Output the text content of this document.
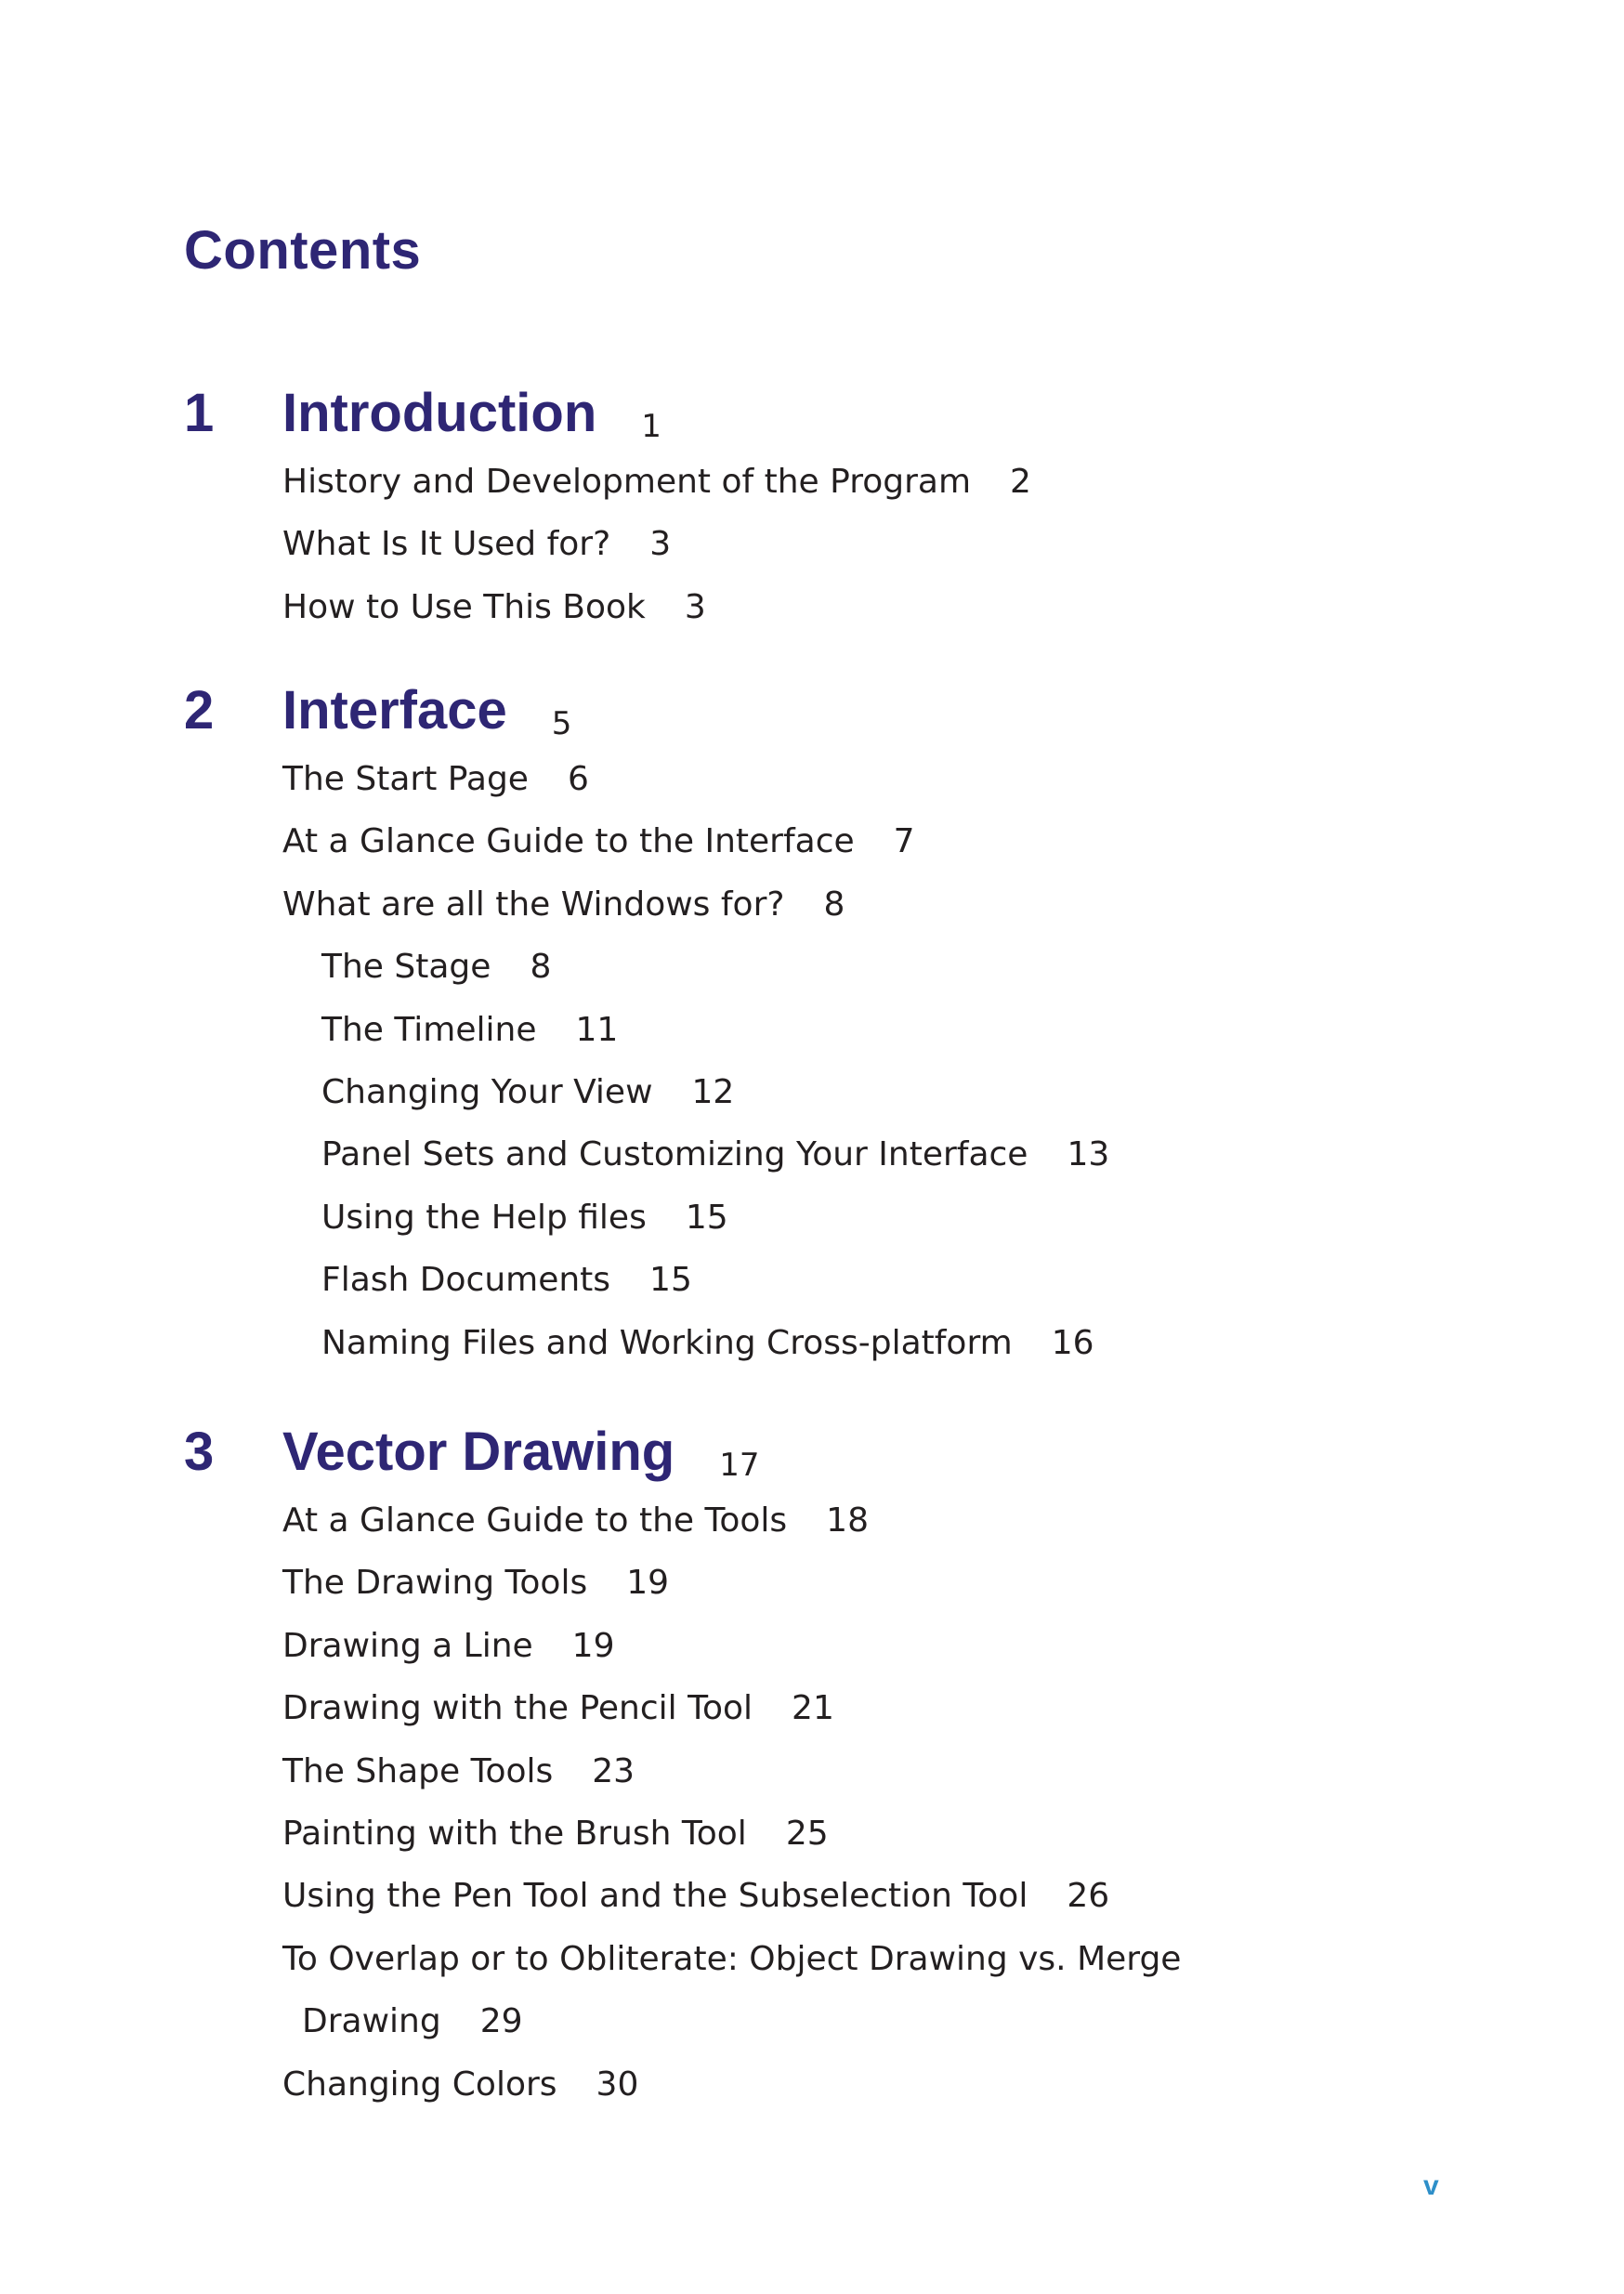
Contents
1 Introduction 1
History and Development of the Program 2
What Is It Used for? 3
How to Use This Book 3
2 Interface 5
The Start Page 6
At a Glance Guide to the Interface 7
What are all the Windows for? 8
The Stage 8
The Timeline 11
Changing Your View 12
Panel Sets and Customizing Your Interface 13
Using the Help files 15
Flash Documents 15
Naming Files and Working Cross-platform 16
3 Vector Drawing 17
At a Glance Guide to the Tools 18
The Drawing Tools 19
Drawing a Line 19
Drawing with the Pencil Tool 21
The Shape Tools 23
Painting with the Brush Tool 25
Using the Pen Tool and the Subselection Tool 26
To Overlap or to Obliterate: Object Drawing vs. Merge
Drawing 29
Changing Colors 30
v
